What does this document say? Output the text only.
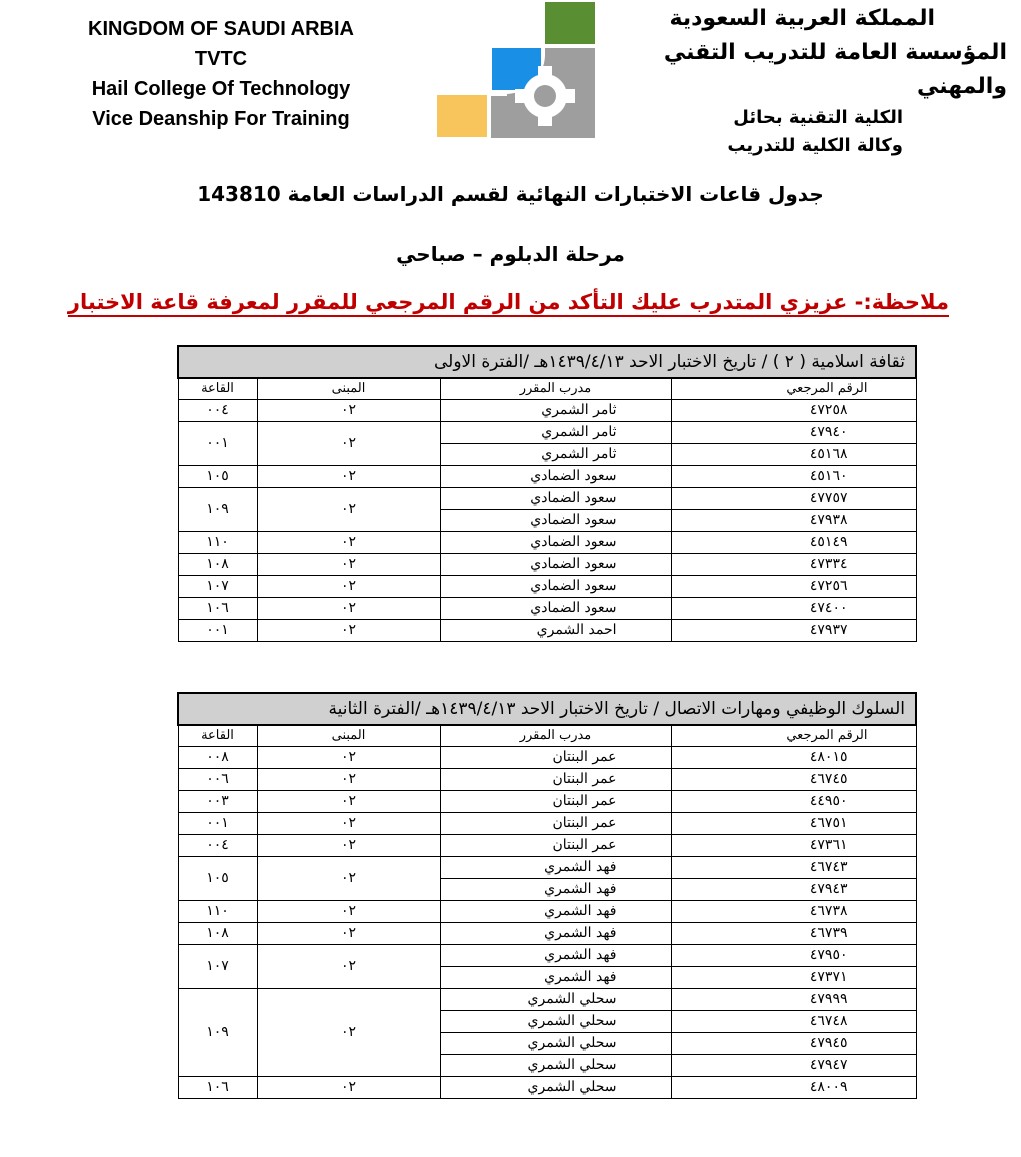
KINGDOM OF SAUDI ARBIA
TVTC
Hail College Of Technology
Vice Deanship For Training
المملكة العربية السعودية
المؤسسة العامة للتدريب التقني والمهني
الكلية التقنية بحائل
وكالة الكلية للتدريب
جدول قاعات الاختبارات النهائية لقسم الدراسات العامة 143810
مرحلة الدبلوم – صباحي
ملاحظة:- عزيزي المتدرب عليك التأكد من الرقم المرجعي للمقرر لمعرفة قاعة الاختبار
ثقافة اسلامية ( ٢ ) / تاريخ الاختبار الاحد ١٤٣٩/٤/١٣هـ /الفترة الاولى			
الرقم المرجعي	مدرب المقرر	المبنى	القاعة
٤٧٢٥٨	ثامر الشمري	٠٢	٠٠٤
٤٧٩٤٠	ثامر الشمري	٠٢	٠٠١
٤٥١٦٨	ثامر الشمري		
٤٥١٦٠	سعود الضمادي	٠٢	١٠٥
٤٧٧٥٧	سعود الضمادي	٠٢	١٠٩
٤٧٩٣٨	سعود الضمادي		
٤٥١٤٩	سعود الضمادي	٠٢	١١٠
٤٧٣٣٤	سعود الضمادي	٠٢	١٠٨
٤٧٢٥٦	سعود الضمادي	٠٢	١٠٧
٤٧٤٠٠	سعود الضمادي	٠٢	١٠٦
٤٧٩٣٧	احمد الشمري	٠٢	٠٠١
السلوك الوظيفي ومهارات الاتصال / تاريخ الاختبار الاحد ١٤٣٩/٤/١٣هـ /الفترة الثانية			
الرقم المرجعي	مدرب المقرر	المبنى	القاعة
٤٨٠١٥	عمر البنتان	٠٢	٠٠٨
٤٦٧٤٥	عمر البنتان	٠٢	٠٠٦
٤٤٩٥٠	عمر البنتان	٠٢	٠٠٣
٤٦٧٥١	عمر البنتان	٠٢	٠٠١
٤٧٣٦١	عمر البنتان	٠٢	٠٠٤
٤٦٧٤٣	فهد الشمري	٠٢	١٠٥
٤٧٩٤٣	فهد الشمري		
٤٦٧٣٨	فهد الشمري	٠٢	١١٠
٤٦٧٣٩	فهد الشمري	٠٢	١٠٨
٤٧٩٥٠	فهد الشمري	٠٢	١٠٧
٤٧٣٧١	فهد الشمري		
٤٧٩٩٩	سحلي الشمري	٠٢	١٠٩
٤٦٧٤٨	سحلي الشمري		
٤٧٩٤٥	سحلي الشمري		
٤٧٩٤٧	سحلي الشمري		
٤٨٠٠٩	سحلي الشمري	٠٢	١٠٦
